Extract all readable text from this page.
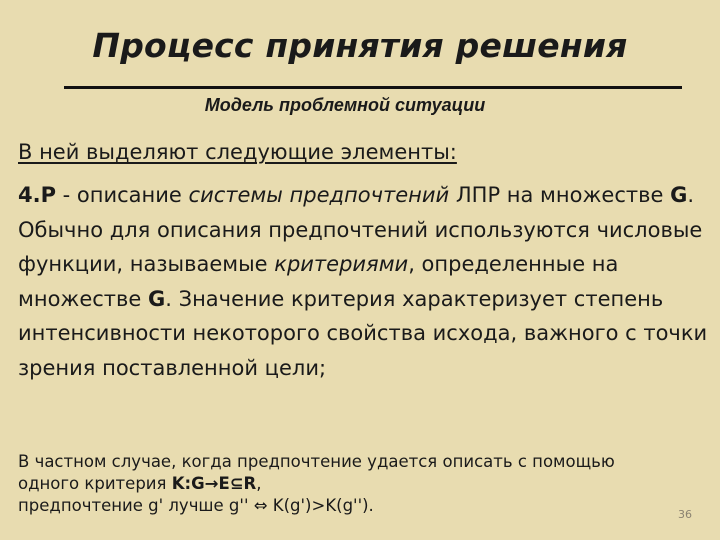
Процесс принятия решения
Модель проблемной ситуации
В ней выделяют следующие элементы:
4.P - описание системы предпочтений ЛПР на множестве G. Обычно для описания предпочтений используются числовые функции, называемые критериями, определенные на множестве G. Значение критерия характеризует степень интенсивности некоторого свойства исхода, важного с точки зрения поставленной цели;
В частном случае, когда предпочтение удается описать с помощью одного критерия K:G→E⊆R,
предпочтение g' лучше g'' ⇔ K(g')>K(g'').	36
